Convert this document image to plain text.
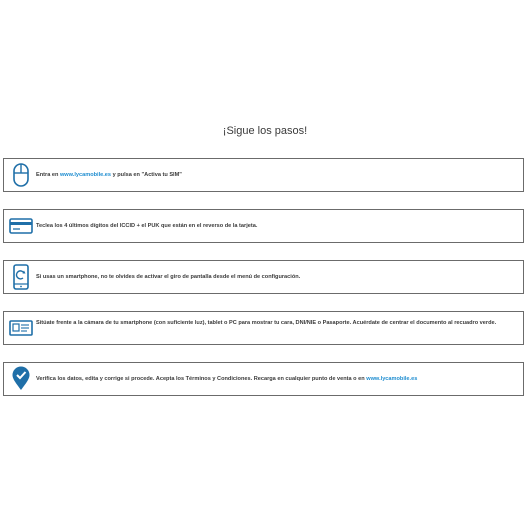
¡Sigue los pasos!
Entra en www.lycamobile.es y pulsa en "Activa tu SIM"
Teclea los 4 últimos dígitos del ICCID + el PUK que están en el reverso de la tarjeta.
Si usas un smartphone, no te olvides de activar el giro de pantalla desde el menú de configuración.
Sitúate frente a la cámara de tu smartphone (con suficiente luz), tablet o PC para mostrar tu cara, DNI/NIE o Pasaporte. Acuérdate de centrar el documento al recuadro verde.
Verifica los datos, edita y corrige si procede. Acepta los Términos y Condiciones. Recarga en cualquier punto de venta o en www.lycamobile.es
